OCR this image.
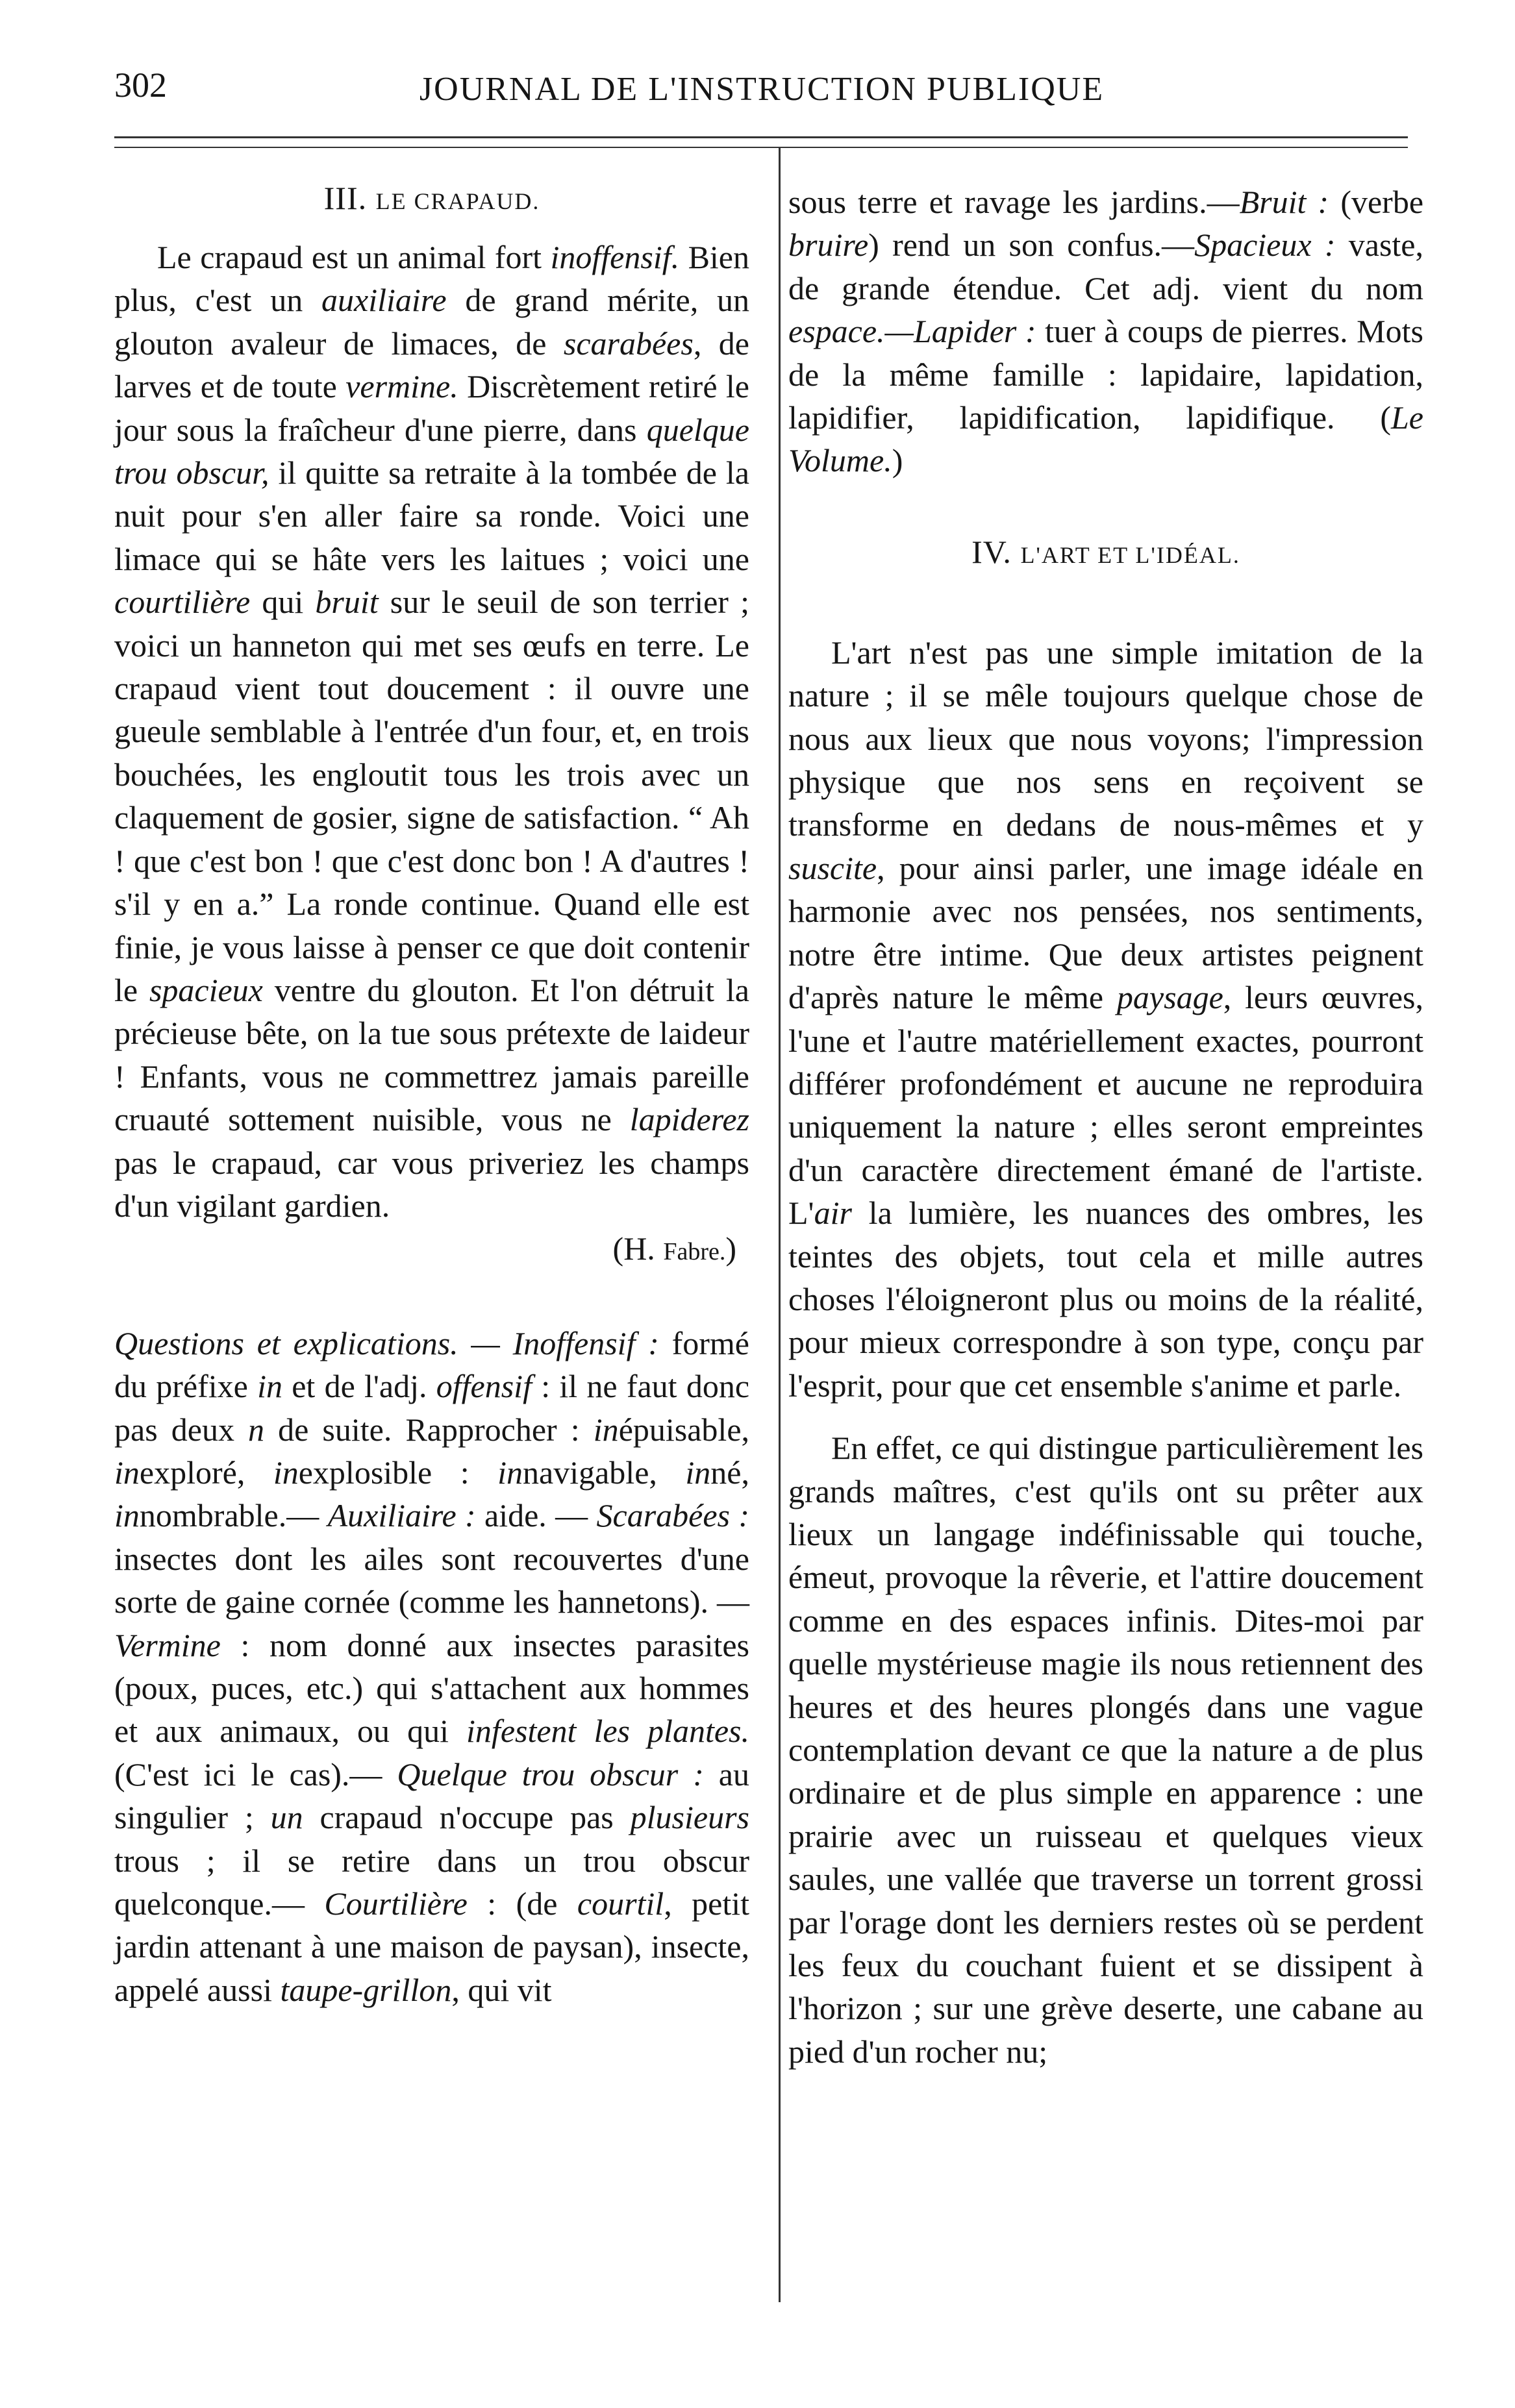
302	JOURNAL DE L'INSTRUCTION PUBLIQUE

III. LE CRAPAUD.

Le crapaud est un animal fort inoffensif. Bien plus, c'est un auxiliaire de grand mérite, un glouton avaleur de limaces, de scarabées, de larves et de toute vermine. Discrètement retiré le jour sous la fraîcheur d'une pierre, dans quelque trou obscur, il quitte sa retraite à la tombée de la nuit pour s'en aller faire sa ronde. Voici une limace qui se hâte vers les laitues ; voici une courtilière qui bruit sur le seuil de son terrier ; voici un hanneton qui met ses œufs en terre. Le crapaud vient tout doucement : il ouvre une gueule semblable à l'entrée d'un four, et, en trois bouchées, les engloutit tous les trois avec un claquement de gosier, signe de satisfaction. “ Ah ! que c'est bon ! que c'est donc bon ! A d'autres ! s'il y en a.” La ronde continue. Quand elle est finie, je vous laisse à penser ce que doit contenir le spacieux ventre du glouton. Et l'on détruit la précieuse bête, on la tue sous prétexte de laideur ! Enfants, vous ne commettrez jamais pareille cruauté sottement nuisible, vous ne lapiderez pas le crapaud, car vous priveriez les champs d'un vigilant gardien.

(H. Fabre.)

Questions et explications. — Inoffensif : formé du préfixe in et de l'adj. offensif : il ne faut donc pas deux n de suite. Rapprocher : inépuisable, inexploré, inexplosible : innavigable, inné, innombrable.— Auxiliaire : aide. — Scarabées : insectes dont les ailes sont recouvertes d'une sorte de gaine cornée (comme les hannetons). — Vermine : nom donné aux insectes parasites (poux, puces, etc.) qui s'attachent aux hommes et aux animaux, ou qui infestent les plantes. (C'est ici le cas).— Quelque trou obscur : au singulier ; un crapaud n'occupe pas plusieurs trous ; il se retire dans un trou obscur quelconque.— Courtilière : (de courtil, petit jardin attenant à une maison de paysan), insecte, appelé aussi taupe-grillon, qui vit

sous terre et ravage les jardins.—Bruit : (verbe bruire) rend un son confus.—Spacieux : vaste, de grande étendue. Cet adj. vient du nom espace.—Lapider : tuer à coups de pierres. Mots de la même famille : lapidaire, lapidation, lapidifier, lapidification, lapidifique. (Le Volume.)

IV. L'ART ET L'IDÉAL.

L'art n'est pas une simple imitation de la nature ; il se mêle toujours quelque chose de nous aux lieux que nous voyons; l'impression physique que nos sens en reçoivent se transforme en dedans de nous-mêmes et y suscite, pour ainsi parler, une image idéale en harmonie avec nos pensées, nos sentiments, notre être intime. Que deux artistes peignent d'après nature le même paysage, leurs œuvres, l'une et l'autre matériellement exactes, pourront différer profondément et aucune ne reproduira uniquement la nature ; elles seront empreintes d'un caractère directement émané de l'artiste. L'air la lumière, les nuances des ombres, les teintes des objets, tout cela et mille autres choses l'éloigneront plus ou moins de la réalité, pour mieux correspondre à son type, conçu par l'esprit, pour que cet ensemble s'anime et parle.

En effet, ce qui distingue particulièrement les grands maîtres, c'est qu'ils ont su prêter aux lieux un langage indéfinissable qui touche, émeut, provoque la rêverie, et l'attire doucement comme en des espaces infinis. Dites-moi par quelle mystérieuse magie ils nous retiennent des heures et des heures plongés dans une vague contemplation devant ce que la nature a de plus ordinaire et de plus simple en apparence : une prairie avec un ruisseau et quelques vieux saules, une vallée que traverse un torrent grossi par l'orage dont les derniers restes où se perdent les feux du couchant fuient et se dissipent à l'horizon ; sur une grève deserte, une cabane au pied d'un rocher nu;
